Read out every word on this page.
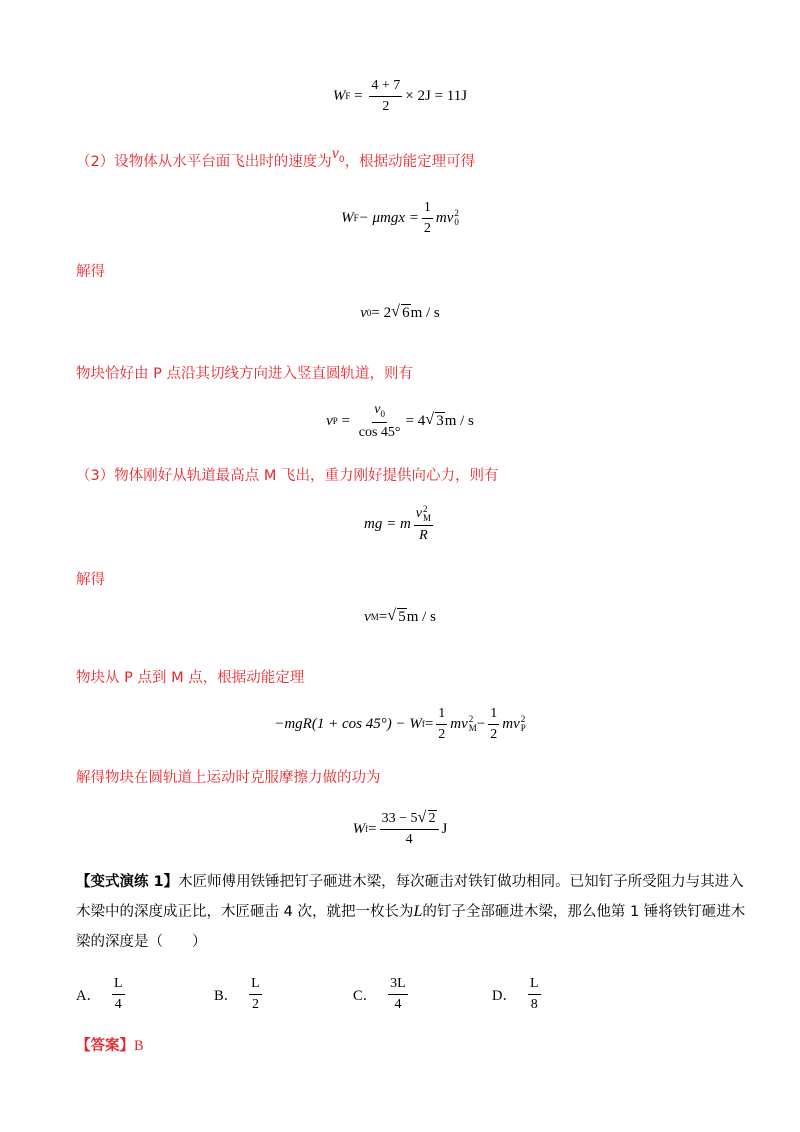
W $F = \frac{4 + 7}{2} \times 2J = 11J$
（2）设物体从水平台面飞出时的速度为$v^0$，根据动能定理可得
W $F - \mu mgx = \frac{1}{2}$ mv 2
0
解得
v 0 = 2 √ 6 m / s
物块恰好由 P 点沿其切线方向进入竖直圆轨道，则有
v $P = \frac{v_0}{\cos 45^\circ} = 4$ √ 3 m / s
（3）物体刚好从轨道最高点 M 飞出，重力刚好提供向心力，则有
mg = m v 2
M
R
解得
v M = √ 5 m / s
物块从 P 点到 M 点，根据动能定理
−mgR(1 + cos 45°) − W $f = \frac{1}{2}$ mv 2
$M - \frac{1}{2}$ mv 2
P
解得物块在圆轨道上运动时克服摩擦力做的功为
W $f = \frac{33 - 5 √ 2}{4}$ J
【变式演练 1】木匠师傅用铁锤把钉子砸进木梁，每次砸击对铁钉做功相同。已知钉子所受阻力与其进入
木梁中的深度成正比，木匠砸击 4 次，就把一枚长为L的钉子全部砸进木梁，那么他第 1 锤将铁钉砸进木
梁的深度是（　　）
A． $\frac{L}{4}$	B． $\frac{L}{2}$	C． $\frac{3L}{4}$	D． $\frac{L}{8}$
【答案】B
